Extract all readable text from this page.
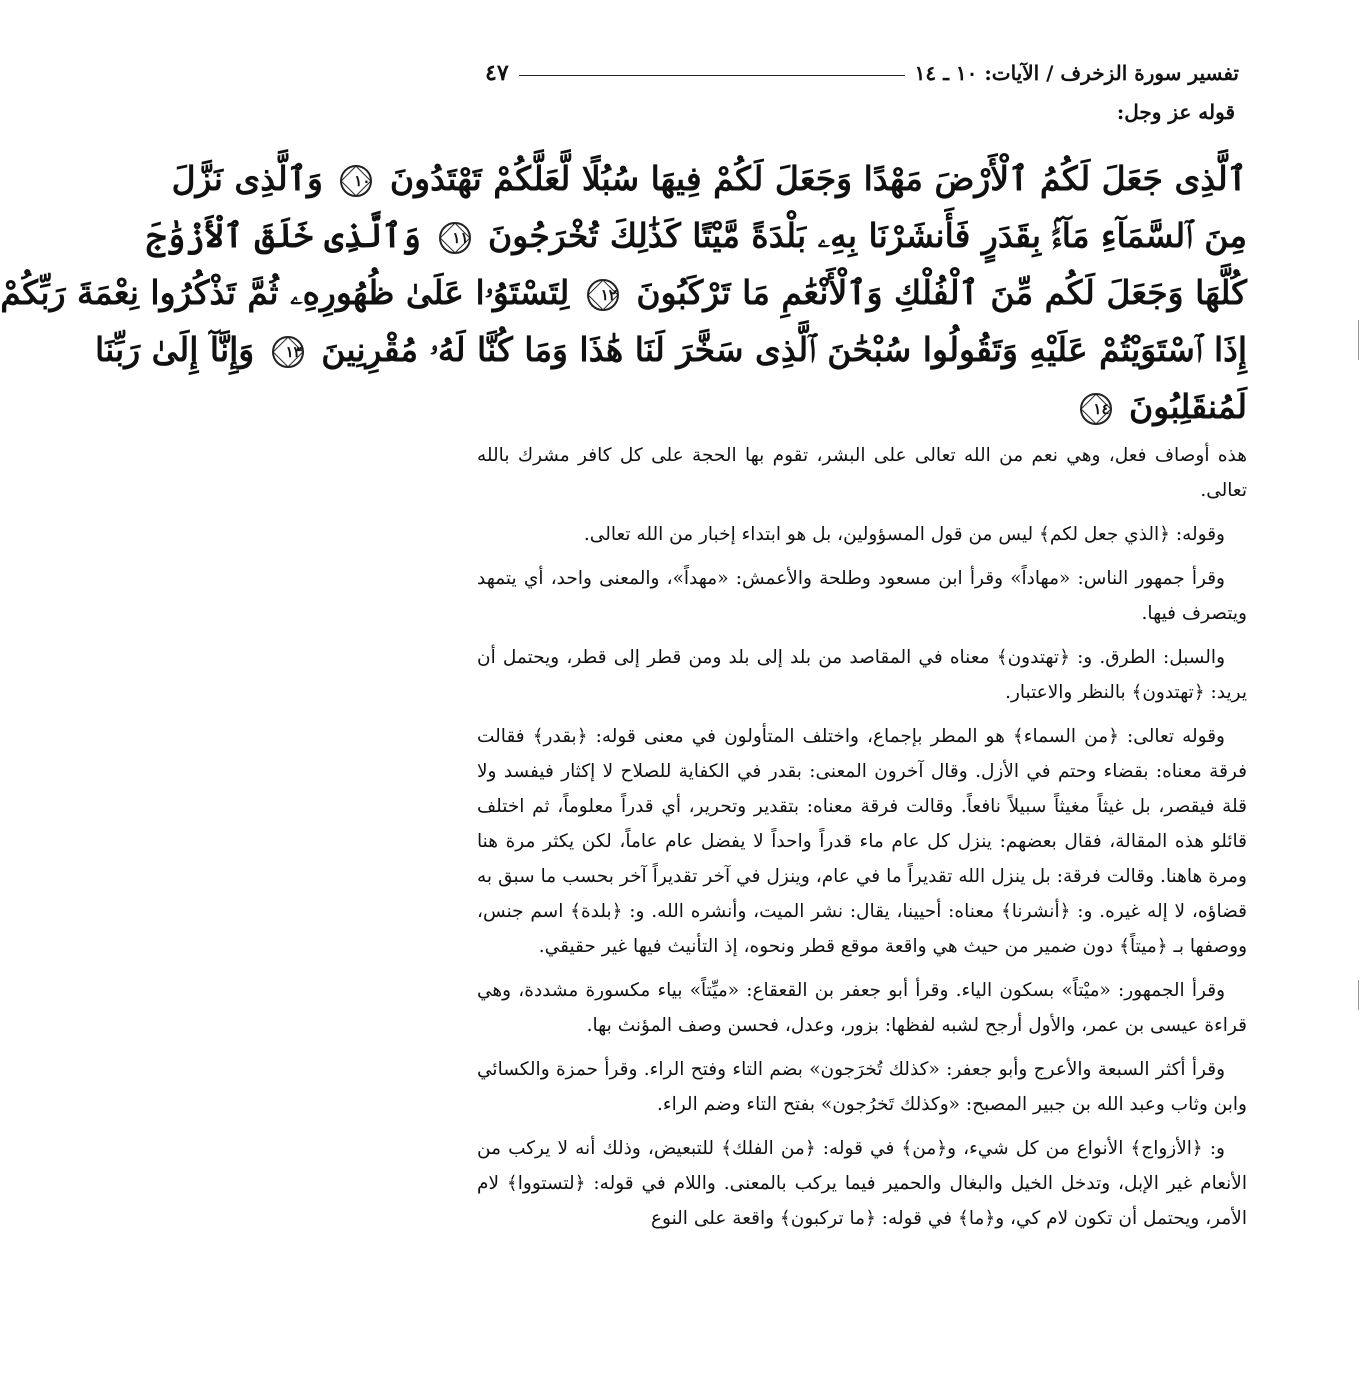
تفسير سورة الزخرف / الآيات: ١٠ ـ ١٤
٤٧
قوله عز وجل:
ٱلَّذِى جَعَلَ لَكُمُ ٱلْأَرْضَ مَهْدًا وَجَعَلَ لَكُمْ فِيهَا سُبُلًا لَّعَلَّكُمْ تَهْتَدُونَ ١٠ وَٱلَّذِى نَزَّلَ
مِنَ ٱلسَّمَآءِ مَآءًۢ بِقَدَرٍ فَأَنشَرْنَا بِهِۦ بَلْدَةً مَّيْتًا كَذَٰلِكَ تُخْرَجُونَ ١١ وَٱلَّذِى خَلَقَ ٱلْأَزْوَٰجَ
كُلَّهَا وَجَعَلَ لَكُم مِّنَ ٱلْفُلْكِ وَٱلْأَنْعَٰمِ مَا تَرْكَبُونَ ١٢ لِتَسْتَوُۥا عَلَىٰ ظُهُورِهِۦ ثُمَّ تَذْكُرُوا نِعْمَةَ رَبِّكُمْ
إِذَا ٱسْتَوَيْتُمْ عَلَيْهِ وَتَقُولُوا سُبْحَٰنَ ٱلَّذِى سَخَّرَ لَنَا هَٰذَا وَمَا كُنَّا لَهُۥ مُقْرِنِينَ ١٣ وَإِنَّآ إِلَىٰ رَبِّنَا
لَمُنقَلِبُونَ ١٤

هذه أوصاف فعل، وهي نعم من الله تعالى على البشر، تقوم بها الحجة على كل كافر مشرك بالله تعالى.

وقوله: ﴿الذي جعل لكم﴾ ليس من قول المسؤولين، بل هو ابتداء إخبار من الله تعالى.

وقرأ جمهور الناس: «مهاداً» وقرأ ابن مسعود وطلحة والأعمش: «مهداً»، والمعنى واحد، أي يتمهد ويتصرف فيها.

والسبل: الطرق. و: ﴿تهتدون﴾ معناه في المقاصد من بلد إلى بلد ومن قطر إلى قطر، ويحتمل أن يريد: ﴿تهتدون﴾ بالنظر والاعتبار.

وقوله تعالى: ﴿من السماء﴾ هو المطر بإجماع، واختلف المتأولون في معنى قوله: ﴿بقدر﴾ فقالت فرقة معناه: بقضاء وحتم في الأزل. وقال آخرون المعنى: بقدر في الكفاية للصلاح لا إكثار فيفسد ولا قلة فيقصر، بل غيثاً مغيثاً سبيلاً نافعاً. وقالت فرقة معناه: بتقدير وتحرير، أي قدراً معلوماً، ثم اختلف قائلو هذه المقالة، فقال بعضهم: ينزل كل عام ماء قدراً واحداً لا يفضل عام عاماً، لكن يكثر مرة هنا ومرة هاهنا. وقالت فرقة: بل ينزل الله تقديراً ما في عام، وينزل في آخر تقديراً آخر بحسب ما سبق به قضاؤه، لا إله غيره. و: ﴿أنشرنا﴾ معناه: أحيينا، يقال: نشر الميت، وأنشره الله. و: ﴿بلدة﴾ اسم جنس، ووصفها بـ ﴿ميتاً﴾ دون ضمير من حيث هي واقعة موقع قطر ونحوه، إذ التأنيث فيها غير حقيقي.

وقرأ الجمهور: «ميْتاً» بسكون الياء. وقرأ أبو جعفر بن القعقاع: «ميِّتاً» بياء مكسورة مشددة، وهي قراءة عيسى بن عمر، والأول أرجح لشبه لفظها: بزور، وعدل، فحسن وصف المؤنث بها.

وقرأ أكثر السبعة والأعرج وأبو جعفر: «كذلك تُخرَجون» بضم التاء وفتح الراء. وقرأ حمزة والكسائي وابن وثاب وعبد الله بن جبير المصبح: «وكذلك تَخرُجون» بفتح التاء وضم الراء.

و: ﴿الأزواج﴾ الأنواع من كل شيء، و﴿من﴾ في قوله: ﴿من الفلك﴾ للتبعيض، وذلك أنه لا يركب من الأنعام غير الإبل، وتدخل الخيل والبغال والحمير فيما يركب بالمعنى. واللام في قوله: ﴿لتستووا﴾ لام الأمر، ويحتمل أن تكون لام كي، و﴿ما﴾ في قوله: ﴿ما تركبون﴾ واقعة على النوع
